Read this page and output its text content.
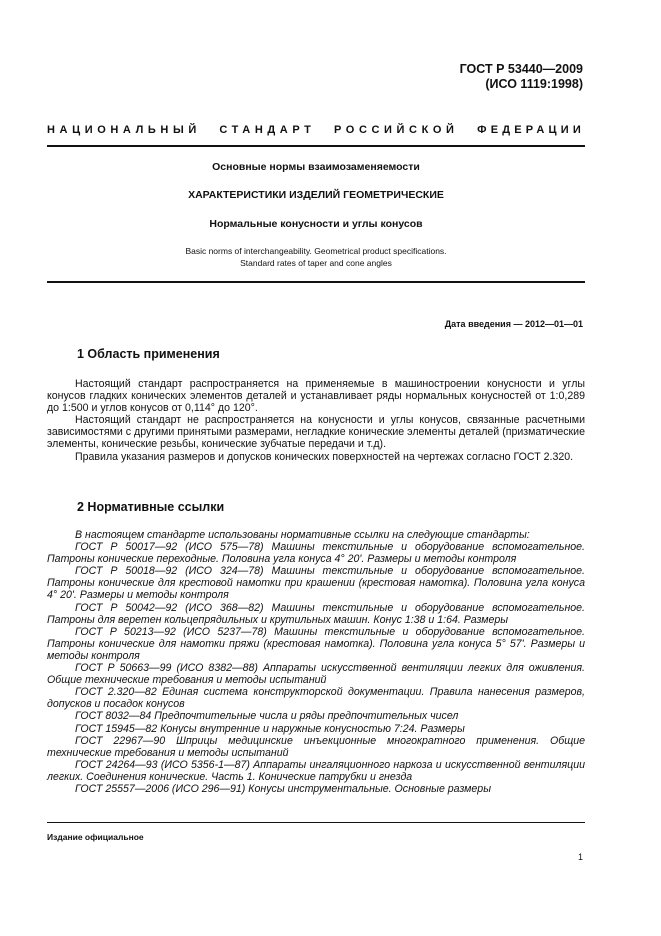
ГОСТ Р 53440—2009
(ИСО 1119:1998)
НАЦИОНАЛЬНЫЙ СТАНДАРТ РОССИЙСКОЙ ФЕДЕРАЦИИ
Основные нормы взаимозаменяемости
ХАРАКТЕРИСТИКИ ИЗДЕЛИЙ ГЕОМЕТРИЧЕСКИЕ
Нормальные конусности и углы конусов
Basic norms of interchangeability. Geometrical product specifications.
Standard rates of taper and cone angles
Дата введения — 2012—01—01
1 Область применения

Настоящий стандарт распространяется на применяемые в машиностроении конусности и углы конусов гладких конических элементов деталей и устанавливает ряды нормальных конусностей от 1:0,289 до 1:500 и углов конусов от 0,114° до 120°.

Настоящий стандарт не распространяется на конусности и углы конусов, связанные расчетными зависимостями с другими принятыми размерами, негладкие конические элементы деталей (призматические элементы, конические резьбы, конические зубчатые передачи и т.д).

Правила указания размеров и допусков конических поверхностей на чертежах согласно ГОСТ 2.320.

2 Нормативные ссылки

В настоящем стандарте использованы нормативные ссылки на следующие стандарты:

ГОСТ Р 50017—92 (ИСО 575—78) Машины текстильные и оборудование вспомогательное. Патроны конические переходные. Половина угла конуса 4° 20'. Размеры и методы контроля

ГОСТ Р 50018—92 (ИСО 324—78) Машины текстильные и оборудование вспомогательное. Патроны конические для крестовой намотки при крашении (крестовая намотка). Половина угла конуса 4° 20'. Размеры и методы контроля

ГОСТ Р 50042—92 (ИСО 368—82) Машины текстильные и оборудование вспомогательное. Патроны для веретен кольцепрядильных и крутильных машин. Конус 1:38 и 1:64. Размеры

ГОСТ Р 50213—92 (ИСО 5237—78) Машины текстильные и оборудование вспомогательное. Патроны конические для намотки пряжи (крестовая намотка). Половина угла конуса 5° 57'. Размеры и методы контроля

ГОСТ Р 50663—99 (ИСО 8382—88) Аппараты искусственной вентиляции легких для оживления. Общие технические требования и методы испытаний

ГОСТ 2.320—82 Единая система конструкторской документации. Правила нанесения размеров, допусков и посадок конусов

ГОСТ 8032—84 Предпочтительные числа и ряды предпочтительных чисел

ГОСТ 15945—82 Конусы внутренние и наружные конусностью 7:24. Размеры

ГОСТ 22967—90 Шприцы медицинские инъекционные многократного применения. Общие технические требования и методы испытаний

ГОСТ 24264—93 (ИСО 5356-1—87) Аппараты ингаляционного наркоза и искусственной вентиляции легких. Соединения конические. Часть 1. Конические патрубки и гнезда

ГОСТ 25557—2006 (ИСО 296—91) Конусы инструментальные. Основные размеры

Издание официальное
1
